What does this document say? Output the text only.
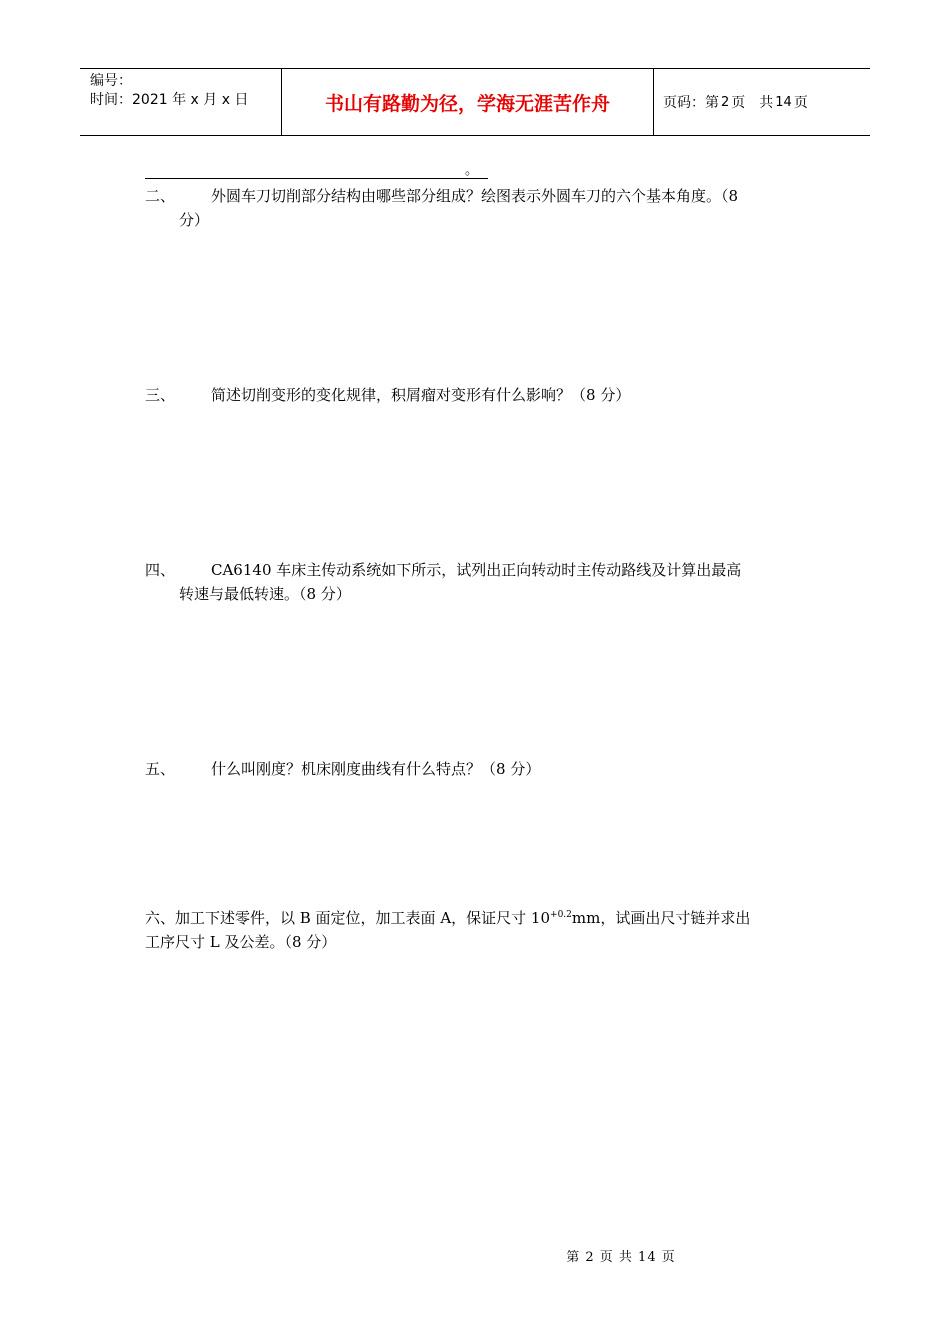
编号：
时间：2021 年 x 月 x 日	书山有路勤为径，学海无涯苦作舟	页码：第 2 页　共 14 页
。
二、	外圆车刀切削部分结构由哪些部分组成？绘图表示外圆车刀的六个基本角度。（8
分）
三、	简述切削变形的变化规律，积屑瘤对变形有什么影响？（8 分）
四、	CA6140 车床主传动系统如下所示，试列出正向转动时主传动路线及计算出最高
转速与最低转速。（8 分）
五、	什么叫刚度？机床刚度曲线有什么特点？（8 分）
六、加工下述零件，以 B 面定位，加工表面 A，保证尺寸 $10^{+0.2}mm$，试画出尺寸链并求出
工序尺寸 L 及公差。（8 分）
第 2 页 共 14 页
